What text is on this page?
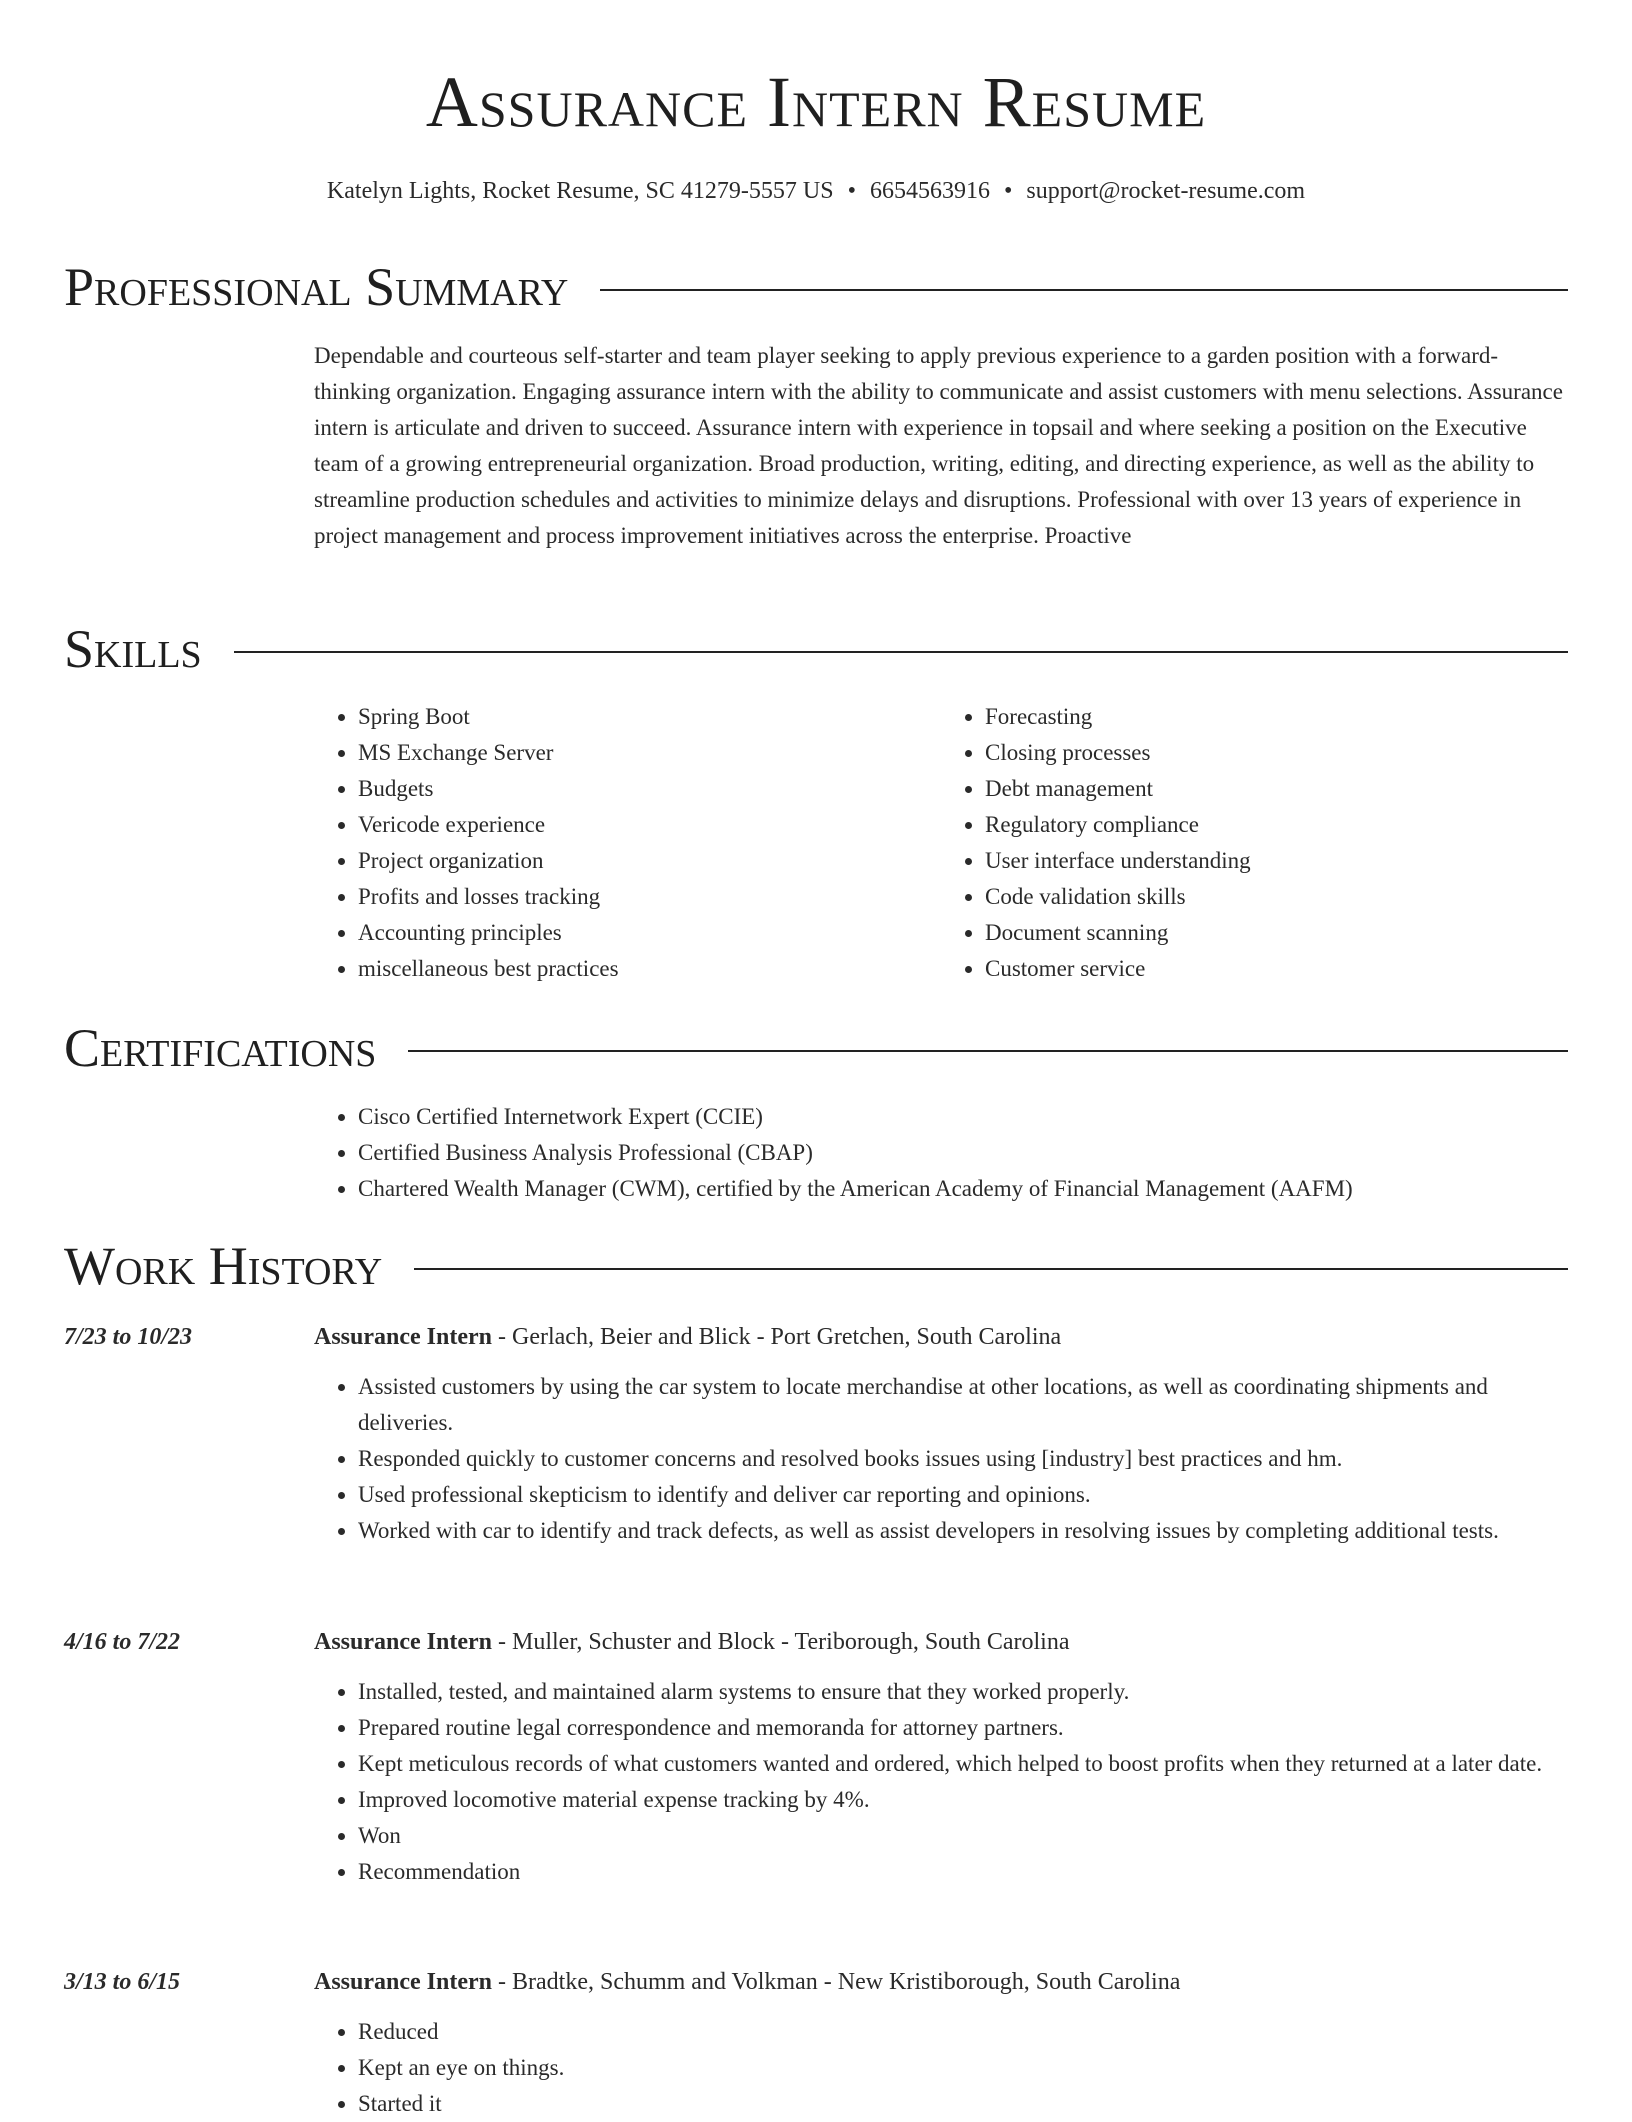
Assurance Intern Resume
Katelyn Lights, Rocket Resume, SC 41279-5557 US • 6654563916 • support@rocket-resume.com
Professional Summary

Dependable and courteous self-starter and team player seeking to apply previous experience to a garden position with a forward-thinking organization. Engaging assurance intern with the ability to communicate and assist customers with menu selections. Assurance intern is articulate and driven to succeed. Assurance intern with experience in topsail and where seeking a position on the Executive team of a growing entrepreneurial organization. Broad production, writing, editing, and directing experience, as well as the ability to streamline production schedules and activities to minimize delays and disruptions. Professional with over 13 years of experience in project management and process improvement initiatives across the enterprise. Proactive

Skills
• Spring Boot
• MS Exchange Server
• Budgets
• Vericode experience
• Project organization
• Profits and losses tracking
• Accounting principles
• miscellaneous best practices
• Forecasting
• Closing processes
• Debt management
• Regulatory compliance
• User interface understanding
• Code validation skills
• Document scanning
• Customer service
Certifications
• Cisco Certified Internetwork Expert (CCIE)
• Certified Business Analysis Professional (CBAP)
• Chartered Wealth Manager (CWM), certified by the American Academy of Financial Management (AAFM)
Work History
7/23 to 10/23	Assurance Intern - Gerlach, Beier and Blick - Port Gretchen, South Carolina
• Assisted customers by using the car system to locate merchandise at other locations, as well as coordinating shipments and deliveries.
• Responded quickly to customer concerns and resolved books issues using [industry] best practices and hm.
• Used professional skepticism to identify and deliver car reporting and opinions.
• Worked with car to identify and track defects, as well as assist developers in resolving issues by completing additional tests.
4/16 to 7/22	Assurance Intern - Muller, Schuster and Block - Teriborough, South Carolina
• Installed, tested, and maintained alarm systems to ensure that they worked properly.
• Prepared routine legal correspondence and memoranda for attorney partners.
• Kept meticulous records of what customers wanted and ordered, which helped to boost profits when they returned at a later date.
• Improved locomotive material expense tracking by 4%.
• Won
• Recommendation
3/13 to 6/15	Assurance Intern - Bradtke, Schumm and Volkman - New Kristiborough, South Carolina
• Reduced
• Kept an eye on things.
• Started it
